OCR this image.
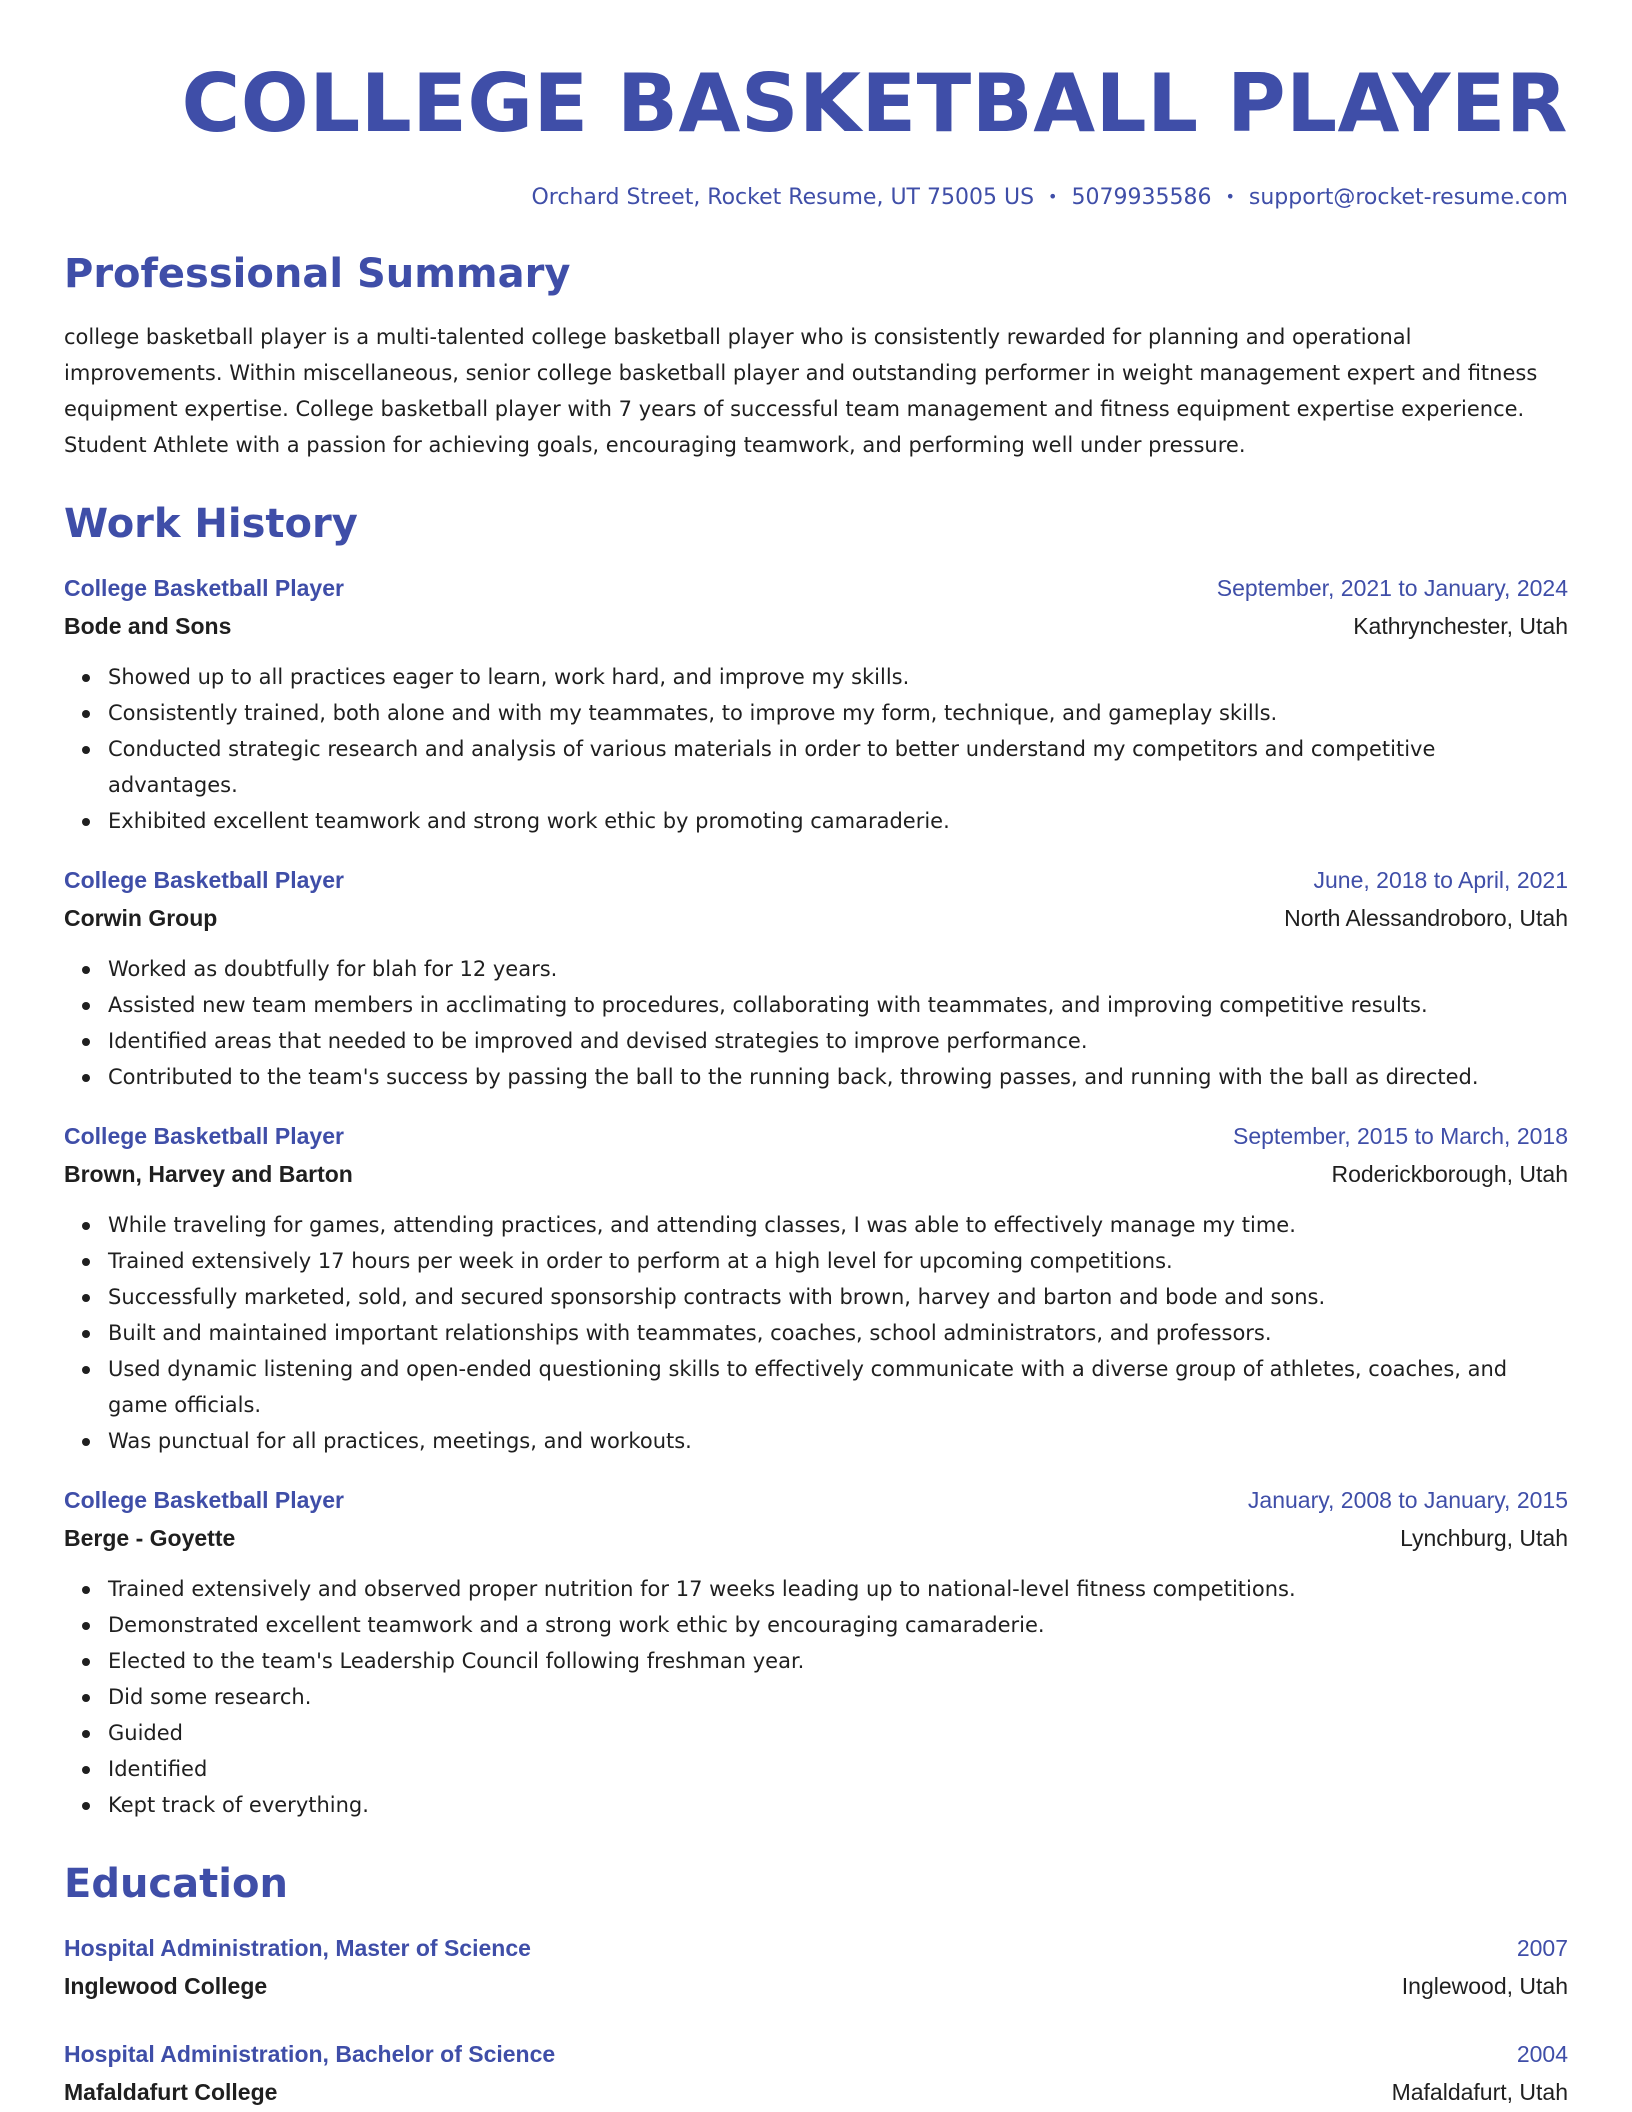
COLLEGE BASKETBALL PLAYER
Orchard Street, Rocket Resume, UT 75005 US • 5079935586 • support@rocket-resume.com
Professional Summary

college basketball player is a multi-talented college basketball player who is consistently rewarded for planning and operational improvements. Within miscellaneous, senior college basketball player and outstanding performer in weight management expert and fitness equipment expertise. College basketball player with 7 years of successful team management and fitness equipment expertise experience. Student Athlete with a passion for achieving goals, encouraging teamwork, and performing well under pressure.

Work History
College Basketball Player	September, 2021 to January, 2024
Bode and Sons	Kathrynchester, Utah
Showed up to all practices eager to learn, work hard, and improve my skills.
Consistently trained, both alone and with my teammates, to improve my form, technique, and gameplay skills.
Conducted strategic research and analysis of various materials in order to better understand my competitors and competitive advantages.
Exhibited excellent teamwork and strong work ethic by promoting camaraderie.
College Basketball Player	June, 2018 to April, 2021
Corwin Group	North Alessandroboro, Utah
Worked as doubtfully for blah for 12 years.
Assisted new team members in acclimating to procedures, collaborating with teammates, and improving competitive results.
Identified areas that needed to be improved and devised strategies to improve performance.
Contributed to the team's success by passing the ball to the running back, throwing passes, and running with the ball as directed.
College Basketball Player	September, 2015 to March, 2018
Brown, Harvey and Barton	Roderickborough, Utah
While traveling for games, attending practices, and attending classes, I was able to effectively manage my time.
Trained extensively 17 hours per week in order to perform at a high level for upcoming competitions.
Successfully marketed, sold, and secured sponsorship contracts with brown, harvey and barton and bode and sons.
Built and maintained important relationships with teammates, coaches, school administrators, and professors.
Used dynamic listening and open-ended questioning skills to effectively communicate with a diverse group of athletes, coaches, and game officials.
Was punctual for all practices, meetings, and workouts.
College Basketball Player	January, 2008 to January, 2015
Berge - Goyette	Lynchburg, Utah
Trained extensively and observed proper nutrition for 17 weeks leading up to national-level fitness competitions.
Demonstrated excellent teamwork and a strong work ethic by encouraging camaraderie.
Elected to the team's Leadership Council following freshman year.
Did some research.
Guided
Identified
Kept track of everything.
Education
Hospital Administration, Master of Science	2007
Inglewood College	Inglewood, Utah
Hospital Administration, Bachelor of Science	2004
Mafaldafurt College	Mafaldafurt, Utah
